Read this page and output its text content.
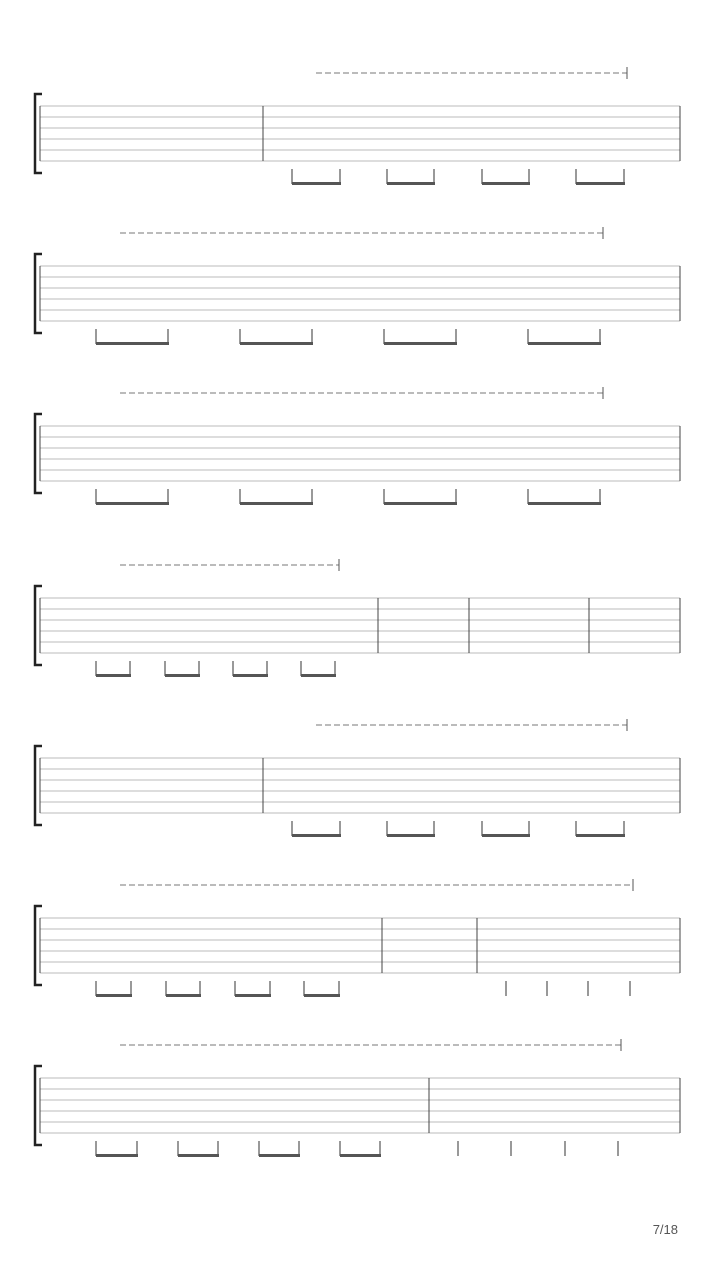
7/18
